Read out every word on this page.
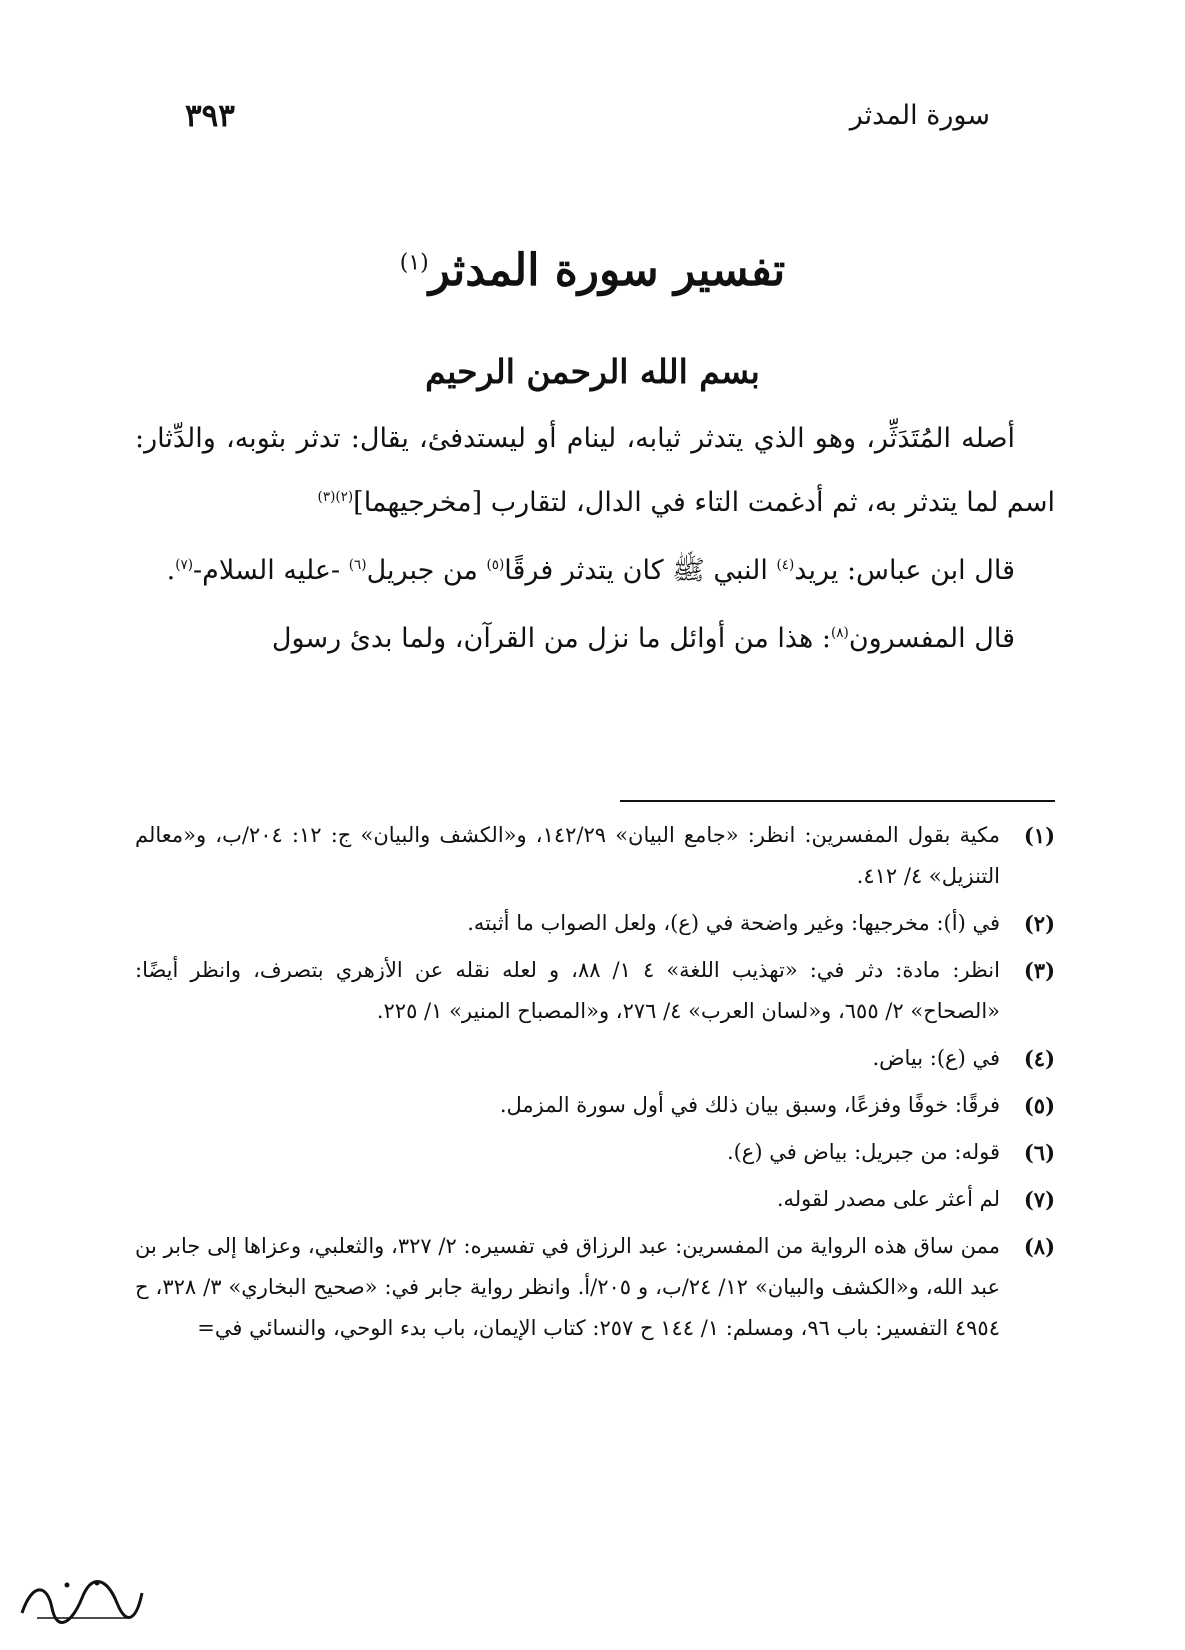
سورة المدثر
٣٩٣
تفسير سورة المدثر$^{(١)}$
بسم الله الرحمن الرحيم

أصله المُتَدَثِّر، وهو الذي يتدثر ثيابه، لينام أو ليستدفئ، يقال: تدثر بثوبه، والدِّثار: اسم لما يتدثر به، ثم أدغمت التاء في الدال، لتقارب [مخرجيهما]$^{(٢)(٣)}$

قال ابن عباس: يريد$^{(٤)}$ النبي ﷺ كان يتدثر فرقًا$^{(٥)}$ من جبريل$^{(٦)}$ -عليه السلام-$^{(٧)}$.

قال المفسرون$^{(٨)}$: هذا من أوائل ما نزل من القرآن، ولما بدئ رسول

(١)
مكية بقول المفسرين: انظر: «جامع البيان» ١٤٢/٢٩، و«الكشف والبيان» ج: ١٢: ٢٠٤/ب، و«معالم التنزيل» ٤/ ٤١٢.
(٢)
في (أ): مخرجيها: وغير واضحة في (ع)، ولعل الصواب ما أثبته.
(٣)
انظر: مادة: دثر في: «تهذيب اللغة» ٤ ١/ ٨٨، و لعله نقله عن الأزهري بتصرف، وانظر أيضًا: «الصحاح» ٢/ ٦٥٥، و«لسان العرب» ٤/ ٢٧٦، و«المصباح المنير» ١/ ٢٢٥.
(٤)
في (ع): بياض.
(٥)
فرقًا: خوفًا وفزعًا، وسبق بيان ذلك في أول سورة المزمل.
(٦)
قوله: من جبريل: بياض في (ع).
(٧)
لم أعثر على مصدر لقوله.
(٨)
ممن ساق هذه الرواية من المفسرين: عبد الرزاق في تفسيره: ٢/ ٣٢٧، والثعلبي، وعزاها إلى جابر بن عبد الله، و«الكشف والبيان» ١٢/ ٢٤/ب، و ٢٠٥/أ. وانظر رواية جابر في: «صحيح البخاري» ٣/ ٣٢٨، ح ٤٩٥٤ التفسير: باب ٩٦، ومسلم: ١/ ١٤٤ ح ٢٥٧: كتاب الإيمان، باب بدء الوحي، والنسائي في=
